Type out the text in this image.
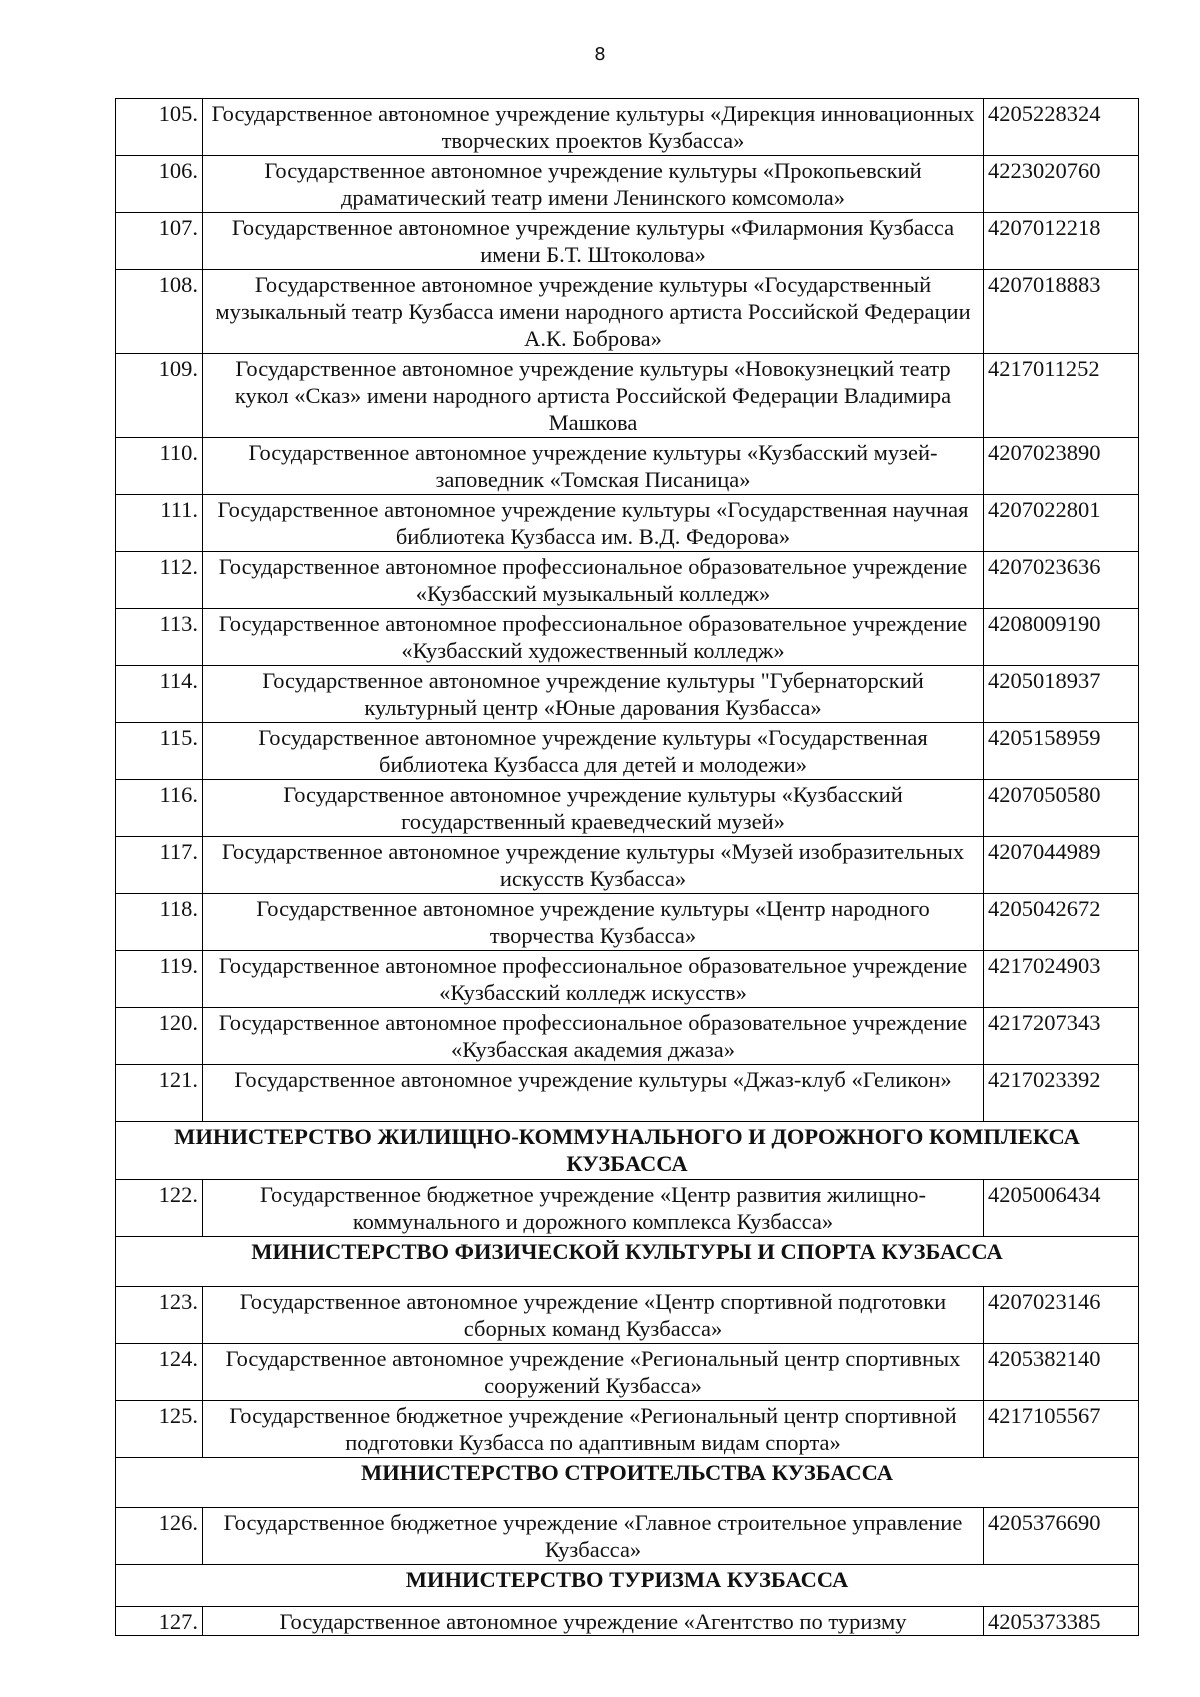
8
105.	Государственное автономное учреждение культуры «Дирекция инновационных творческих проектов Кузбасса»	4205228324
106.	Государственное автономное учреждение культуры «Прокопьевский драматический театр имени Ленинского комсомола»	4223020760
107.	Государственное автономное учреждение культуры «Филармония Кузбасса имени Б.Т. Штоколова»	4207012218
108.	Государственное автономное учреждение культуры «Государственный музыкальный театр Кузбасса имени народного артиста Российской Федерации А.К. Боброва»	4207018883
109.	Государственное автономное учреждение культуры «Новокузнецкий театр кукол «Сказ» имени народного артиста Российской Федерации Владимира Машкова	4217011252
110.	Государственное автономное учреждение культуры «Кузбасский музей-заповедник «Томская Писаница»	4207023890
111.	Государственное автономное учреждение культуры «Государственная научная библиотека Кузбасса им. В.Д. Федорова»	4207022801
112.	Государственное автономное профессиональное образовательное учреждение «Кузбасский музыкальный колледж»	4207023636
113.	Государственное автономное профессиональное образовательное учреждение «Кузбасский художественный колледж»	4208009190
114.	Государственное автономное учреждение культуры "Губернаторский культурный центр «Юные дарования Кузбасса»	4205018937
115.	Государственное автономное учреждение культуры «Государственная библиотека Кузбасса для детей и молодежи»	4205158959
116.	Государственное автономное учреждение культуры «Кузбасский государственный краеведческий музей»	4207050580
117.	Государственное автономное учреждение культуры «Музей изобразительных искусств Кузбасса»	4207044989
118.	Государственное автономное учреждение культуры «Центр народного творчества Кузбасса»	4205042672
119.	Государственное автономное профессиональное образовательное учреждение «Кузбасский колледж искусств»	4217024903
120.	Государственное автономное профессиональное образовательное учреждение «Кузбасская академия джаза»	4217207343
121.	Государственное автономное учреждение культуры «Джаз-клуб «Геликон»	4217023392
МИНИСТЕРСТВО ЖИЛИЩНО-КОММУНАЛЬНОГО И ДОРОЖНОГО КОМПЛЕКСА КУЗБАССА		
122.	Государственное бюджетное учреждение «Центр развития жилищно-коммунального и дорожного комплекса Кузбасса»	4205006434
МИНИСТЕРСТВО ФИЗИЧЕСКОЙ КУЛЬТУРЫ И СПОРТА КУЗБАССА		
123.	Государственное автономное учреждение «Центр спортивной подготовки сборных команд Кузбасса»	4207023146
124.	Государственное автономное учреждение «Региональный центр спортивных сооружений Кузбасса»	4205382140
125.	Государственное бюджетное учреждение «Региональный центр спортивной подготовки Кузбасса по адаптивным видам спорта»	4217105567
МИНИСТЕРСТВО СТРОИТЕЛЬСТВА КУЗБАССА		
126.	Государственное бюджетное учреждение «Главное строительное управление Кузбасса»	4205376690
МИНИСТЕРСТВО ТУРИЗМА КУЗБАССА		
127.	Государственное автономное учреждение «Агентство по туризму	4205373385
